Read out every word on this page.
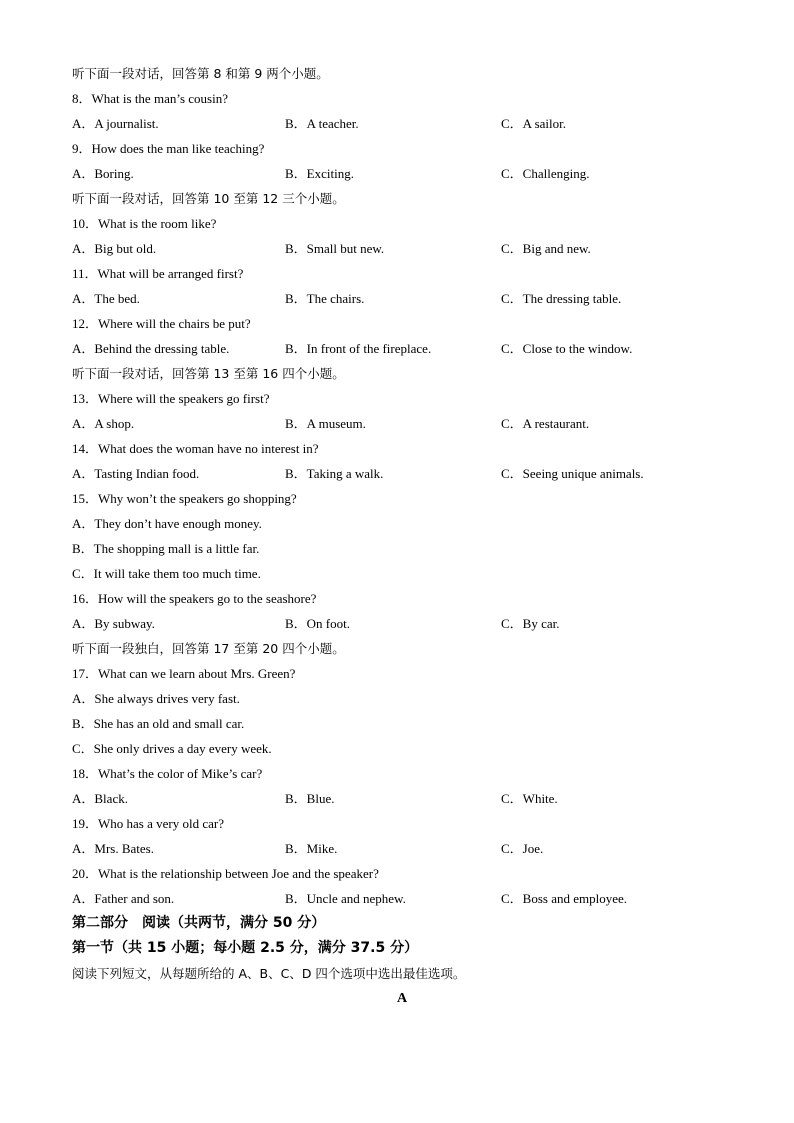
听下面一段对话，回答第 8 和第 9 两个小题。
8．What is the man’s cousin?
A．A journalist.	B．A teacher.	C．A sailor.
9．How does the man like teaching?
A．Boring.	B．Exciting.	C．Challenging.
听下面一段对话，回答第 10 至第 12 三个小题。
10．What is the room like?
A．Big but old.	B．Small but new.	C．Big and new.
11．What will be arranged first?
A．The bed.	B．The chairs.	C．The dressing table.
12．Where will the chairs be put?
A．Behind the dressing table.	B．In front of the fireplace.	C．Close to the window.
听下面一段对话，回答第 13 至第 16 四个小题。
13．Where will the speakers go first?
A．A shop.	B．A museum.	C．A restaurant.
14．What does the woman have no interest in?
A．Tasting Indian food.	B．Taking a walk.	C．Seeing unique animals.
15．Why won’t the speakers go shopping?
A．They don’t have enough money.
B．The shopping mall is a little far.
C．It will take them too much time.
16．How will the speakers go to the seashore?
A．By subway.	B．On foot.	C．By car.
听下面一段独白，回答第 17 至第 20 四个小题。
17．What can we learn about Mrs. Green?
A．She always drives very fast.
B．She has an old and small car.
C．She only drives a day every week.
18．What’s the color of Mike’s car?
A．Black.	B．Blue.	C．White.
19．Who has a very old car?
A．Mrs. Bates.	B．Mike.	C．Joe.
20．What is the relationship between Joe and the speaker?
A．Father and son.	B．Uncle and nephew.	C．Boss and employee.
第二部分　阅读（共两节，满分 50 分）
第一节（共 15 小题；每小题 2.5 分，满分 37.5 分）
阅读下列短文，从每题所给的 A、B、C、D 四个选项中选出最佳选项。
A
